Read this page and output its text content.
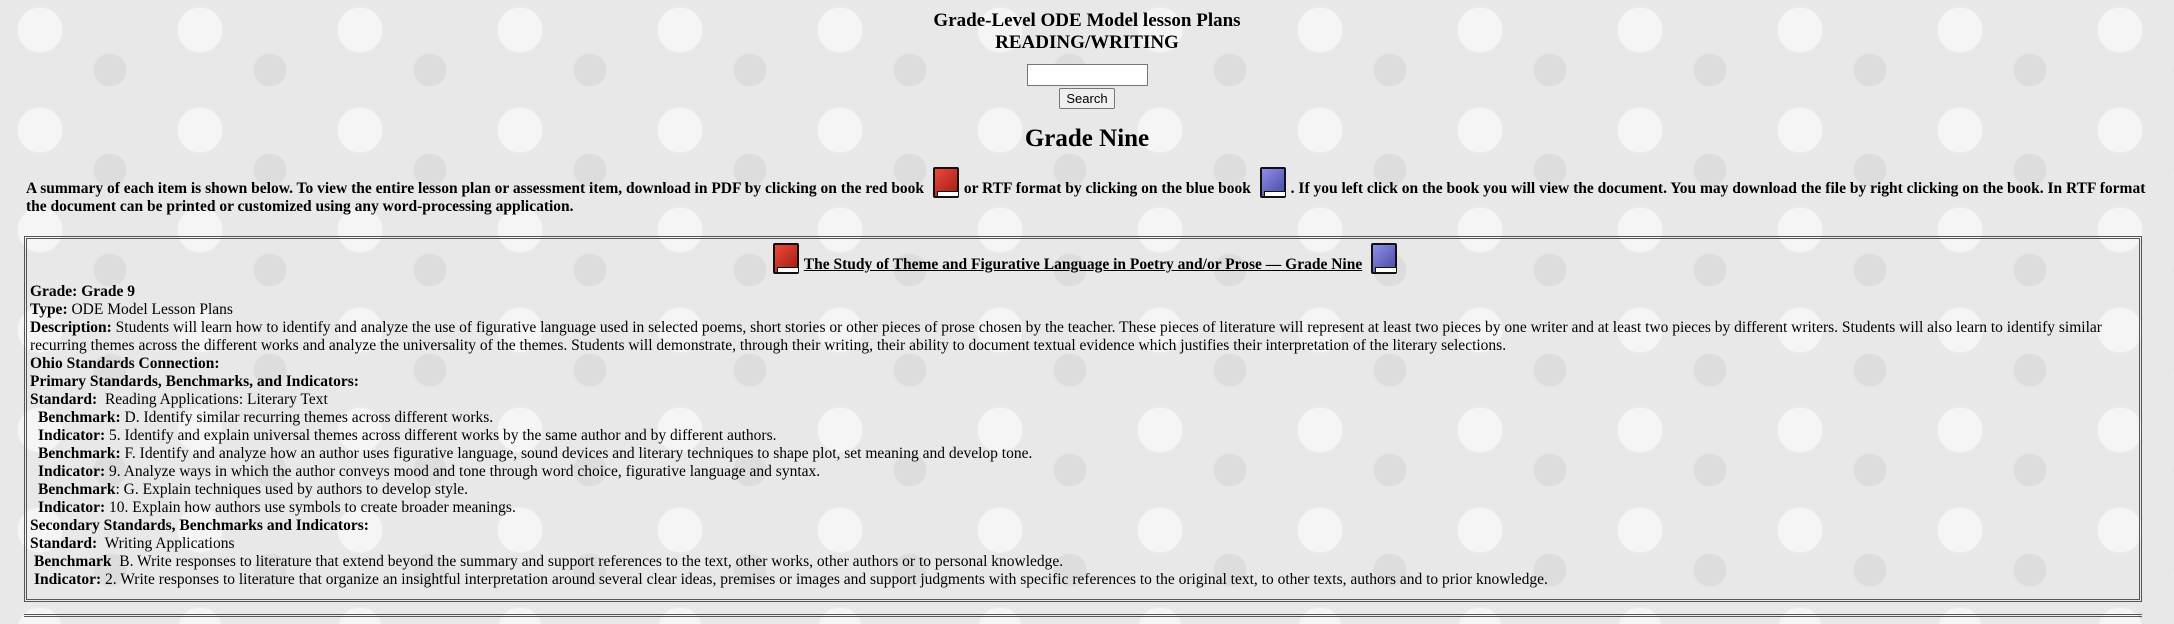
Grade-Level ODE Model lesson Plans
READING/WRITING
Search
Grade Nine
A summary of each item is shown below. To view the entire lesson plan or assessment item, download in PDF by clicking on the red book	or RTF format by clicking on the blue book	. If you left click on the book you will view the document. You may download the file by right clicking on the book. In RTF format the document can be printed or customized using any word-processing application.
The Study of Theme and Figurative Language in Poetry and/or Prose — Grade Nine
Grade: Grade 9
Type: ODE Model Lesson Plans
Description: Students will learn how to identify and analyze the use of figurative language used in selected poems, short stories or other pieces of prose chosen by the teacher. These pieces of literature will represent at least two pieces by one writer and at least two pieces by different writers. Students will also learn to identify similar recurring themes across the different works and analyze the universality of the themes. Students will demonstrate, through their writing, their ability to document textual evidence which justifies their interpretation of the literary selections.
Ohio Standards Connection:
Primary Standards, Benchmarks, and Indicators:
Standard: Reading Applications: Literary Text
Benchmark: D. Identify similar recurring themes across different works.
Indicator: 5. Identify and explain universal themes across different works by the same author and by different authors.
Benchmark: F. Identify and analyze how an author uses figurative language, sound devices and literary techniques to shape plot, set meaning and develop tone.
Indicator: 9. Analyze ways in which the author conveys mood and tone through word choice, figurative language and syntax.
Benchmark: G. Explain techniques used by authors to develop style.
Indicator: 10. Explain how authors use symbols to create broader meanings.
Secondary Standards, Benchmarks and Indicators:
Standard: Writing Applications
Benchmark B. Write responses to literature that extend beyond the summary and support references to the text, other works, other authors or to personal knowledge.
Indicator: 2. Write responses to literature that organize an insightful interpretation around several clear ideas, premises or images and support judgments with specific references to the original text, to other texts, authors and to prior knowledge.
